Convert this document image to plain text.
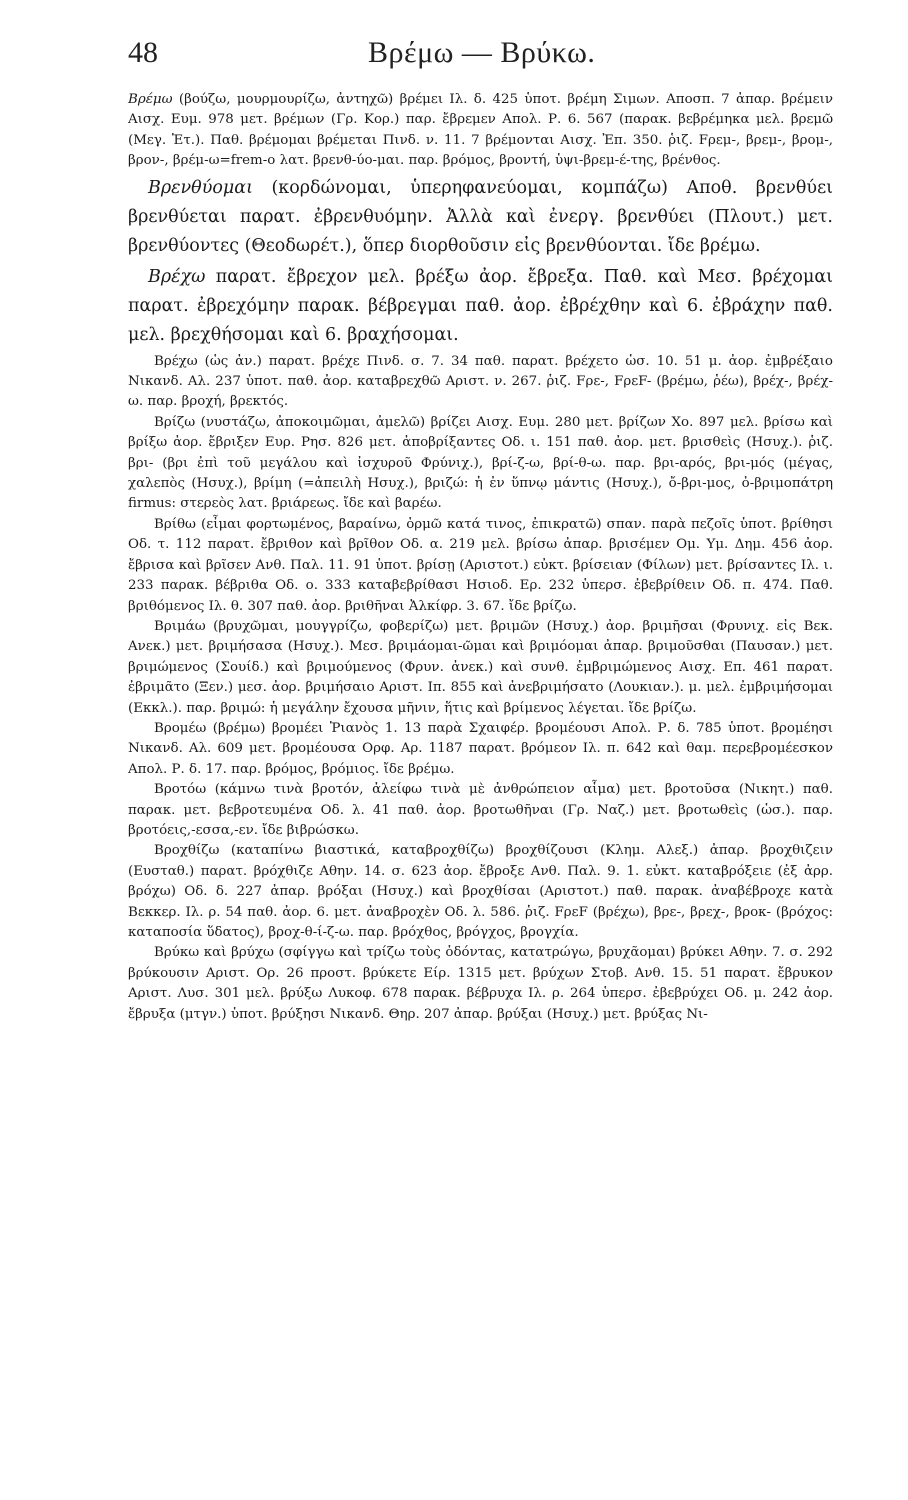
48	Βρέμω — Βρύκω.

Βρέμω (βούζω, μουρμουρίζω, ἀντηχῶ) βρέμει Ιλ. δ. 425 ὑποτ. βρέμη Σιμων. Αποσπ. 7 ἀπαρ. βρέμειν Αισχ. Ευμ. 978 μετ. βρέμων (Γρ. Κορ.) παρ. ἔβρεμεν Απολ. Ρ. 6. 567 (παρακ. βεβρέμηκα μελ. βρεμῶ (Μεγ. Ἐτ.). Παθ. βρέμομαι βρέμεται Πινδ. ν. 11. 7 βρέμονται Αισχ. Ἐπ. 350. ῥιζ. Fρεμ-, βρεμ-, βρομ-, βρον-, βρέμ-ω=frem-o λατ. βρενθ-ύο-μαι. παρ. βρόμος, βροντή, ὑψι-βρεμ-έ-της, βρένθος.

Βρενθύομαι (κορδώνομαι, ὑπερηφανεύομαι, κομπάζω) Αποθ. βρενθύει βρενθύεται παρατ. ἐβρενθυόμην. Ἀλλὰ καὶ ἐνεργ. βρενθύει (Πλουτ.) μετ. βρενθύοντες (Θεοδωρέτ.), ὅπερ διορθοῦσιν εἰς βρενθύονται. ἴδε βρέμω.

Βρέχω παρατ. ἔβρεχον μελ. βρέξω ἀορ. ἔβρεξα. Παθ. καὶ Μεσ. βρέχομαι παρατ. ἐβρεχόμην παρακ. βέβρεγμαι παθ. ἀορ. ἐβρέχθην καὶ 6. ἐβράχην παθ. μελ. βρεχθήσομαι καὶ 6. βραχήσομαι.

Βρέχω (ὡς ἀν.) παρατ. βρέχε Πινδ. σ. 7. 34 παθ. παρατ. βρέχετο ὡσ. 10. 51 μ. ἀορ. ἐμβρέξαιο Νικανδ. Αλ. 237 ὑποτ. παθ. ἀορ. καταβρεχθῶ Αριστ. ν. 267. ῥιζ. Fρε-, FρεF- (βρέμω, ῥέω), βρέχ-, βρέχ-ω. παρ. βροχή, βρεκτός.

Βρίζω (νυστάζω, ἀποκοιμῶμαι, ἀμελῶ) βρίζει Αισχ. Ευμ. 280 μετ. βρίζων Χο. 897 μελ. βρίσω καὶ βρίξω ἀορ. ἔβριξεν Ευρ. Ρησ. 826 μετ. ἀποβρίξαντες Οδ. ι. 151 παθ. ἀορ. μετ. βρισθεὶς (Ησυχ.). ῥιζ. βρι- (βρι ἐπὶ τοῦ μεγάλου καὶ ἰσχυροῦ Φρύνιχ.), βρί-ζ-ω, βρί-θ-ω. παρ. βρι-αρός, βρι-μός (μέγας, χαλεπὸς (Ησυχ.), βρίμη (=ἀπειλὴ Ησυχ.), βριζώ: ἡ ἐν ὕπνῳ μάντις (Ησυχ.), ὄ-βρι-μος, ὀ-βριμοπάτρη firmus: στερεὸς λατ. βριάρεως. ἴδε καὶ βαρέω.

Βρίθω (εἶμαι φορτωμένος, βαραίνω, ὁρμῶ κατά τινος, ἐπικρατῶ) σπαν. παρὰ πεζοῖς ὑποτ. βρίθησι Οδ. τ. 112 παρατ. ἔβριθον καὶ βρῖθον Οδ. α. 219 μελ. βρίσω ἀπαρ. βρισέμεν Ομ. Υμ. Δημ. 456 ἀορ. ἔβρισα καὶ βρῖσεν Ανθ. Παλ. 11. 91 ὑποτ. βρίσῃ (Αριστοτ.) εὐκτ. βρίσειαν (Φίλων) μετ. βρίσαντες Ιλ. ι. 233 παρακ. βέβριθα Οδ. ο. 333 καταβεβρίθασι Ησιοδ. Ερ. 232 ὑπερσ. ἐβεβρίθειν Οδ. π. 474. Παθ. βριθόμενος Ιλ. θ. 307 παθ. ἀορ. βριθῆναι Ἀλκίφρ. 3. 67. ἴδε βρίζω.

Βριμάω (βρυχῶμαι, μουγγρίζω, φοβερίζω) μετ. βριμῶν (Ησυχ.) ἀορ. βριμῆσαι (Φρυνιχ. εἰς Βεκ. Ανεκ.) μετ. βριμήσασα (Ησυχ.). Μεσ. βριμάομαι-ῶμαι καὶ βριμόομαι ἀπαρ. βριμοῦσθαι (Παυσαν.) μετ. βριμώμενος (Σουίδ.) καὶ βριμούμενος (Φρυν. ἀνεκ.) καὶ συνθ. ἐμβριμώμενος Αισχ. Επ. 461 παρατ. ἐβριμᾶτο (Ξεν.) μεσ. ἀορ. βριμήσαιο Αριστ. Ιπ. 855 καὶ ἀνεβριμήσατο (Λουκιαν.). μ. μελ. ἐμβριμήσομαι (Εκκλ.). παρ. βριμώ: ἡ μεγάλην ἔχουσα μῆνιν, ἥτις καὶ βρίμενος λέγεται. ἴδε βρίζω.

Βρομέω (βρέμω) βρομέει Ῥιανὸς 1. 13 παρὰ Σχαιφέρ. βρομέουσι Απολ. Ρ. δ. 785 ὑποτ. βρομέησι Νικανδ. Αλ. 609 μετ. βρομέουσα Ορφ. Αρ. 1187 παρατ. βρόμεον Ιλ. π. 642 καὶ θαμ. περεβρομέεσκον Απολ. Ρ. δ. 17. παρ. βρόμος, βρόμιος. ἴδε βρέμω.

Βροτόω (κάμνω τινὰ βροτόν, ἀλείφω τινὰ μὲ ἀνθρώπειον αἷμα) μετ. βροτοῦσα (Νικητ.) παθ. παρακ. μετ. βεβροτευμένα Οδ. λ. 41 παθ. ἀορ. βροτωθῆναι (Γρ. Ναζ.) μετ. βροτωθεὶς (ὡσ.). παρ. βροτόεις,-εσσα,-εν. ἴδε βιβρώσκω.

Βροχθίζω (καταπίνω βιαστικά, καταβροχθίζω) βροχθίζουσι (Κλημ. Αλεξ.) ἀπαρ. βροχθιζειν (Ευσταθ.) παρατ. βρόχθιζε Αθην. 14. σ. 623 ἀορ. ἔβροξε Ανθ. Παλ. 9. 1. εὐκτ. καταβρόξειε (ἐξ ἀρρ. βρόχω) Οδ. δ. 227 ἀπαρ. βρόξαι (Ησυχ.) καὶ βροχθίσαι (Αριστοτ.) παθ. παρακ. ἀναβέβροχε κατὰ Βεκκερ. Ιλ. ρ. 54 παθ. ἀορ. 6. μετ. ἀναβροχὲν Οδ. λ. 586. ῥιζ. FρεF (βρέχω), βρε-, βρεχ-, βροκ- (βρόχος: καταποσία ὕδατος), βροχ-θ-ί-ζ-ω. παρ. βρόχθος, βρόγχος, βρογχία.

Βρύκω καὶ βρύχω (σφίγγω καὶ τρίζω τοὺς ὀδόντας, κατατρώγω, βρυχᾶομαι) βρύκει Αθην. 7. σ. 292 βρύκουσιν Αριστ. Ορ. 26 προστ. βρύκετε Είρ. 1315 μετ. βρύχων Στοβ. Ανθ. 15. 51 παρατ. ἔβρυκον Αριστ. Λυσ. 301 μελ. βρύξω Λυκοφ. 678 παρακ. βέβρυχα Ιλ. ρ. 264 ὑπερσ. ἐβεβρύχει Οδ. μ. 242 ἀορ. ἔβρυξα (μτγν.) ὑποτ. βρύξησι Νικανδ. Θηρ. 207 ἀπαρ. βρύξαι (Ησυχ.) μετ. βρύξας Νι-
